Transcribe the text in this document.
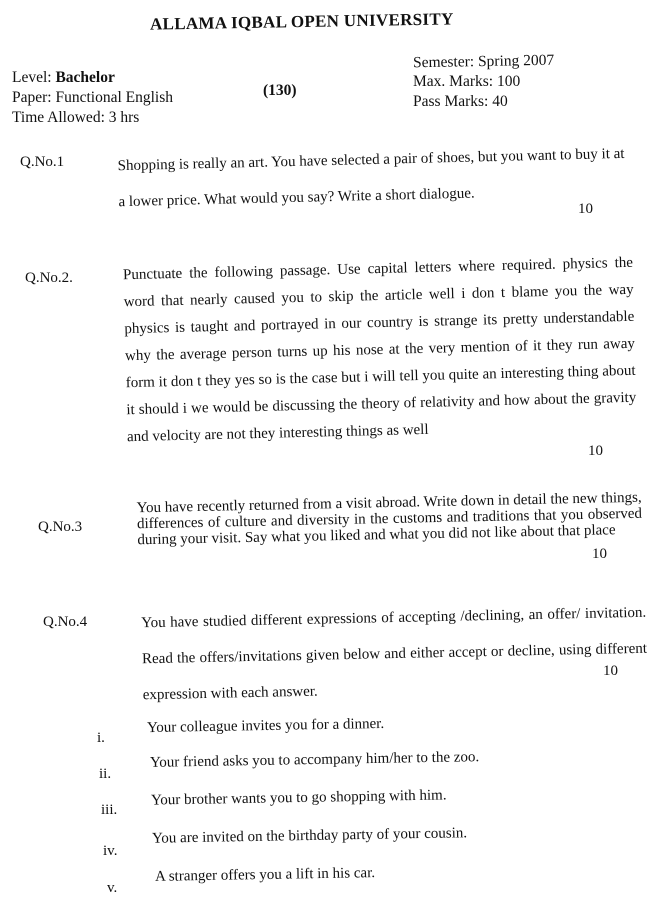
ALLAMA IQBAL OPEN UNIVERSITY
Level: Bachelor
Paper: Functional English
Time Allowed: 3 hrs
(130)
Semester: Spring 2007
Max. Marks: 100
Pass Marks: 40
Q.No.1	Shopping is really an art. You have selected a pair of shoes, but you want to buy it at a lower price. What would you say? Write a short dialogue.	10
Q.No.2.	Punctuate the following passage. Use capital letters where required. physics the word that nearly caused you to skip the article well i don t blame you the way physics is taught and portrayed in our country is strange its pretty understandable why the average person turns up his nose at the very mention of it they run away form it don t they yes so is the case but i will tell you quite an interesting thing about it should i we would be discussing the theory of relativity and how about the gravity and velocity are not they interesting things as well
10
Q.No.3
You have recently returned from a visit abroad. Write down in detail the new things, differences of culture and diversity in the customs and traditions that you observed during your visit. Say what you liked and what you did not like about that place
10
Q.No.4	You have studied different expressions of accepting /declining, an offer/ invitation. Read the offers/invitations given below and either accept or decline, using different expression with each answer.
10
i.
Your colleague invites you for a dinner.
ii.
Your friend asks you to accompany him/her to the zoo.
iii.
Your brother wants you to go shopping with him.
iv.
You are invited on the birthday party of your cousin.
v.
A stranger offers you a lift in his car.
